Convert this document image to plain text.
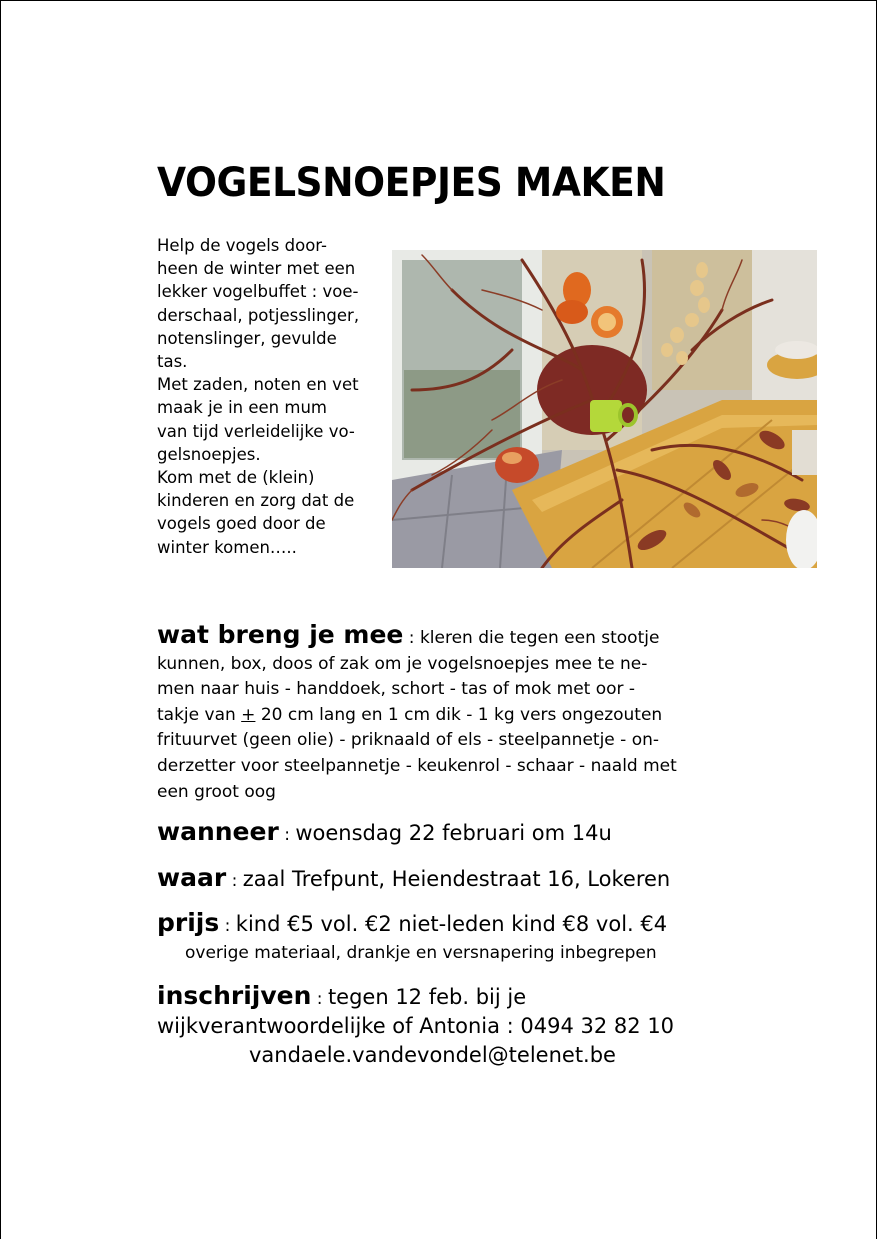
VOGELSNOEPJES MAKEN
Help de vogels door-
heen de winter met een
lekker vogelbuffet : voe-
derschaal, potjesslinger,
notenslinger, gevulde
tas.
Met zaden, noten en vet
maak je in een mum
van tijd verleidelijke vo-
gelsnoepjes.
Kom met de (klein)
kinderen en zorg dat de
vogels goed door de
winter komen…..
wat breng je mee : kleren die tegen een stootje
kunnen, box, doos of zak om je vogelsnoepjes mee te ne-
men naar huis - handdoek, schort - tas of mok met oor -
takje van + 20 cm lang en 1 cm dik - 1 kg vers ongezouten
frituurvet (geen olie) - priknaald of els - steelpannetje - on-
derzetter voor steelpannetje - keukenrol - schaar - naald met
een groot oog
wanneer : woensdag 22 februari om 14u
waar : zaal Trefpunt, Heiendestraat 16, Lokeren
prijs : kind €5 vol. €2 niet-leden kind €8 vol. €4
overige materiaal, drankje en versnapering inbegrepen
inschrijven : tegen 12 feb. bij je
wijkverantwoordelijke of Antonia : 0494 32 82 10
vandaele.vandevondel@telenet.be
